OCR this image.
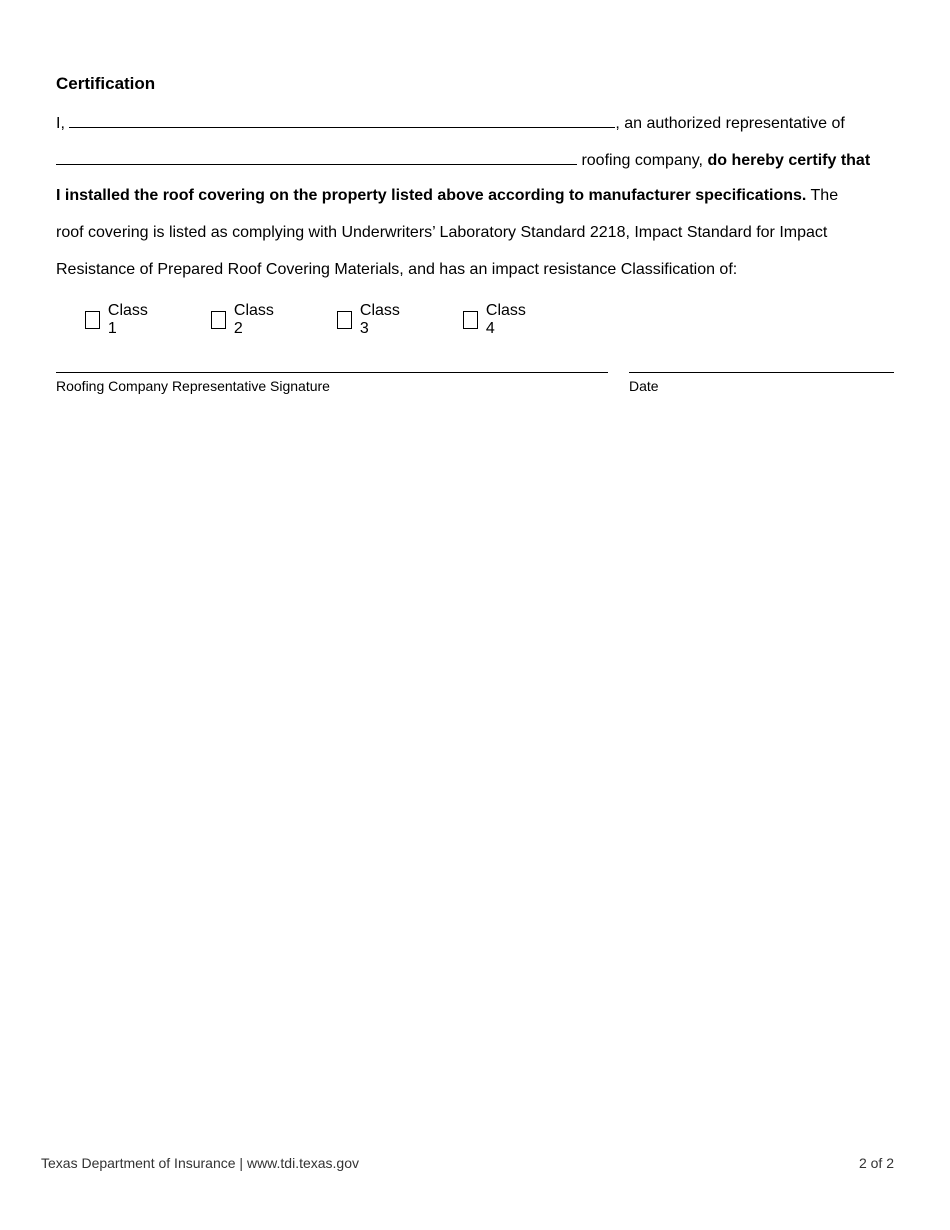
Certification
I,	, an authorized representative of
roofing company, do hereby certify that
I installed the roof covering on the property listed above according to manufacturer specifications. The
roof covering is listed as complying with Underwriters’ Laboratory Standard 2218, Impact Standard for Impact
Resistance of Prepared Roof Covering Materials, and has an impact resistance Classification of:
Class 1
Class 2
Class 3
Class 4
Roofing Company Representative Signature	Date
Texas Department of Insurance | www.tdi.texas.gov	2 of 2
